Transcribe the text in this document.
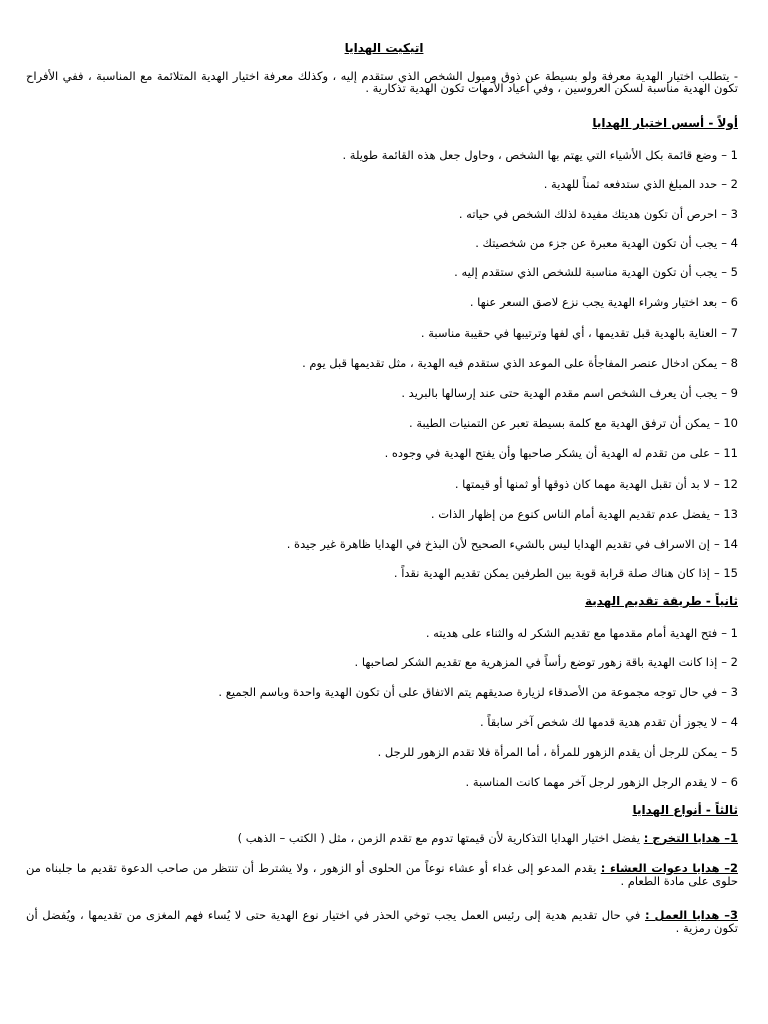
اتيكيت الهدايا
- يتطلب اختيار الهدية معرفة ولو بسيطة عن ذوق وميول الشخص الذي ستقدم إليه ، وكذلك معرفة اختيار الهدية المتلائمة مع المناسبة ، ففي الأفراح تكون الهدية مناسبة لسكن العروسين ، وفي أعياد الأمهات تكون الهدية تذكارية .
أولاً - أسس اختيار الهدايا
1 –وضع قائمة بكل الأشياء التي يهتم بها الشخص ، وحاول جعل هذه القائمة طويلة .
2 –حدد المبلغ الذي ستدفعه ثمناً للهدية .
3 –احرص أن تكون هديتك مفيدة لذلك الشخص في حياته .
4 –يجب أن تكون الهدية معبرة عن جزء من شخصيتك .
5 –يجب أن تكون الهدية مناسبة للشخص الذي ستقدم إليه .
6 –بعد اختيار وشراء الهدية يجب نزع لاصق السعر عنها .
7 –العناية بالهدية قبل تقديمها ، أي لفها وترتيبها في حقيبة مناسبة .
8 –يمكن ادخال عنصر المفاجأة على الموعد الذي ستقدم فيه الهدية ، مثل تقديمها قبل يوم .
9 –يجب أن يعرف الشخص اسم مقدم الهدية حتى عند إرسالها بالبريد .
10 –يمكن أن ترفق الهدية مع كلمة بسيطة تعبر عن التمنيات الطيبة .
11 –على من تقدم له الهدية أن يشكر صاحبها وأن يفتح الهدية في وجوده .
12 –لا بد أن تقبل الهدية مهما كان ذوقها أو ثمنها أو قيمتها .
13 –يفضل عدم تقديم الهدية أمام الناس كنوع من إظهار الذات .
14 –إن الاسراف في تقديم الهدايا ليس بالشيء الصحيح لأن البذخ في الهدايا ظاهرة غير جيدة .
15 –إذا كان هناك صلة قرابة قوية بين الطرفين يمكن تقديم الهدية نقداً .
ثانياً - طريقة تقديم الهدية
1 –فتح الهدية أمام مقدمها مع تقديم الشكر له والثناء على هديته .
2 –إذا كانت الهدية باقة زهور توضع رأساً في المزهرية مع تقديم الشكر لصاحبها .
3 –في حال توجه مجموعة من الأصدقاء لزيارة صديقهم يتم الاتفاق على أن تكون الهدية واحدة وباسم الجميع .
4 –لا يجوز أن تقدم هدية قدمها لك شخص آخر سابقاً .
5 –يمكن للرجل أن يقدم الزهور للمرأة ، أما المرأة فلا تقدم الزهور للرجل .
6 –لا يقدم الرجل الزهور لرجل آخر مهما كانت المناسبة .
ثالثاً - أنواع الهدايا
1– هدايا التخرج : يفضل اختيار الهدايا التذكارية لأن قيمتها تدوم مع تقدم الزمن ، مثل ( الكتب – الذهب )
2– هدايا دعوات العشاء : يقدم المدعو إلى غداء أو عشاء نوعاً من الحلوى أو الزهور ، ولا يشترط أن تنتظر من صاحب الدعوة تقديم ما جلبناه من حلوى على مادة الطعام .
3– هدايا العمل : في حال تقديم هدية إلى رئيس العمل يجب توخي الحذر في اختيار نوع الهدية حتى لا يُساء فهم المغزى من تقديمها ، ويُفضل أن تكون رمزية .
